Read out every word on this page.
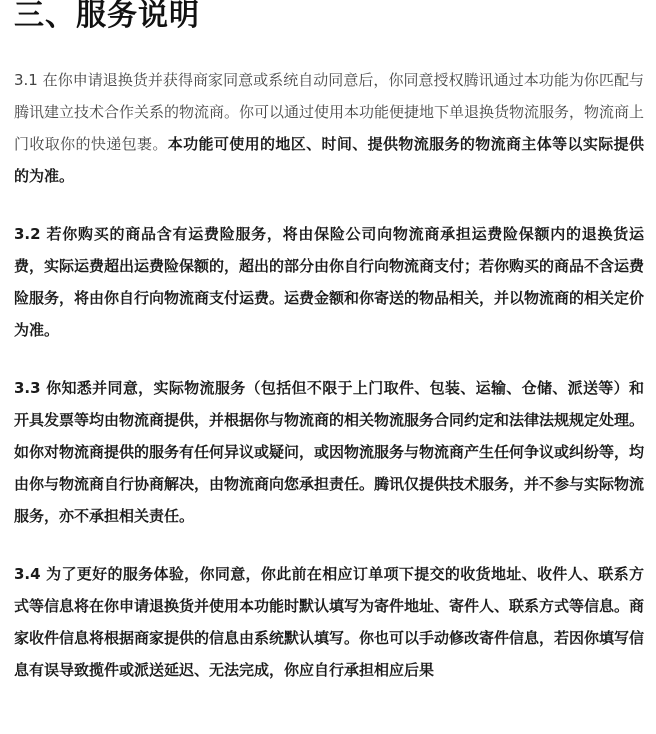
三、服务说明

3.1 在你申请退换货并获得商家同意或系统自动同意后，你同意授权腾讯通过本功能为你匹配与腾讯建立技术合作关系的物流商。你可以通过使用本功能便捷地下单退换货物流服务，物流商上门收取你的快递包裹。本功能可使用的地区、时间、提供物流服务的物流商主体等以实际提供的为准。

3.2 若你购买的商品含有运费险服务，将由保险公司向物流商承担运费险保额内的退换货运费，实际运费超出运费险保额的，超出的部分由你自行向物流商支付；若你购买的商品不含运费险服务，将由你自行向物流商支付运费。运费金额和你寄送的物品相关，并以物流商的相关定价为准。

3.3 你知悉并同意，实际物流服务（包括但不限于上门取件、包装、运输、仓储、派送等）和开具发票等均由物流商提供，并根据你与物流商的相关物流服务合同约定和法律法规规定处理。如你对物流商提供的服务有任何异议或疑问，或因物流服务与物流商产生任何争议或纠纷等，均由你与物流商自行协商解决，由物流商向您承担责任。腾讯仅提供技术服务，并不参与实际物流服务，亦不承担相关责任。

3.4 为了更好的服务体验，你同意，你此前在相应订单项下提交的收货地址、收件人、联系方式等信息将在你申请退换货并使用本功能时默认填写为寄件地址、寄件人、联系方式等信息。商家收件信息将根据商家提供的信息由系统默认填写。你也可以手动修改寄件信息，若因你填写信息有误导致揽件或派送延迟、无法完成，你应自行承担相应后果
